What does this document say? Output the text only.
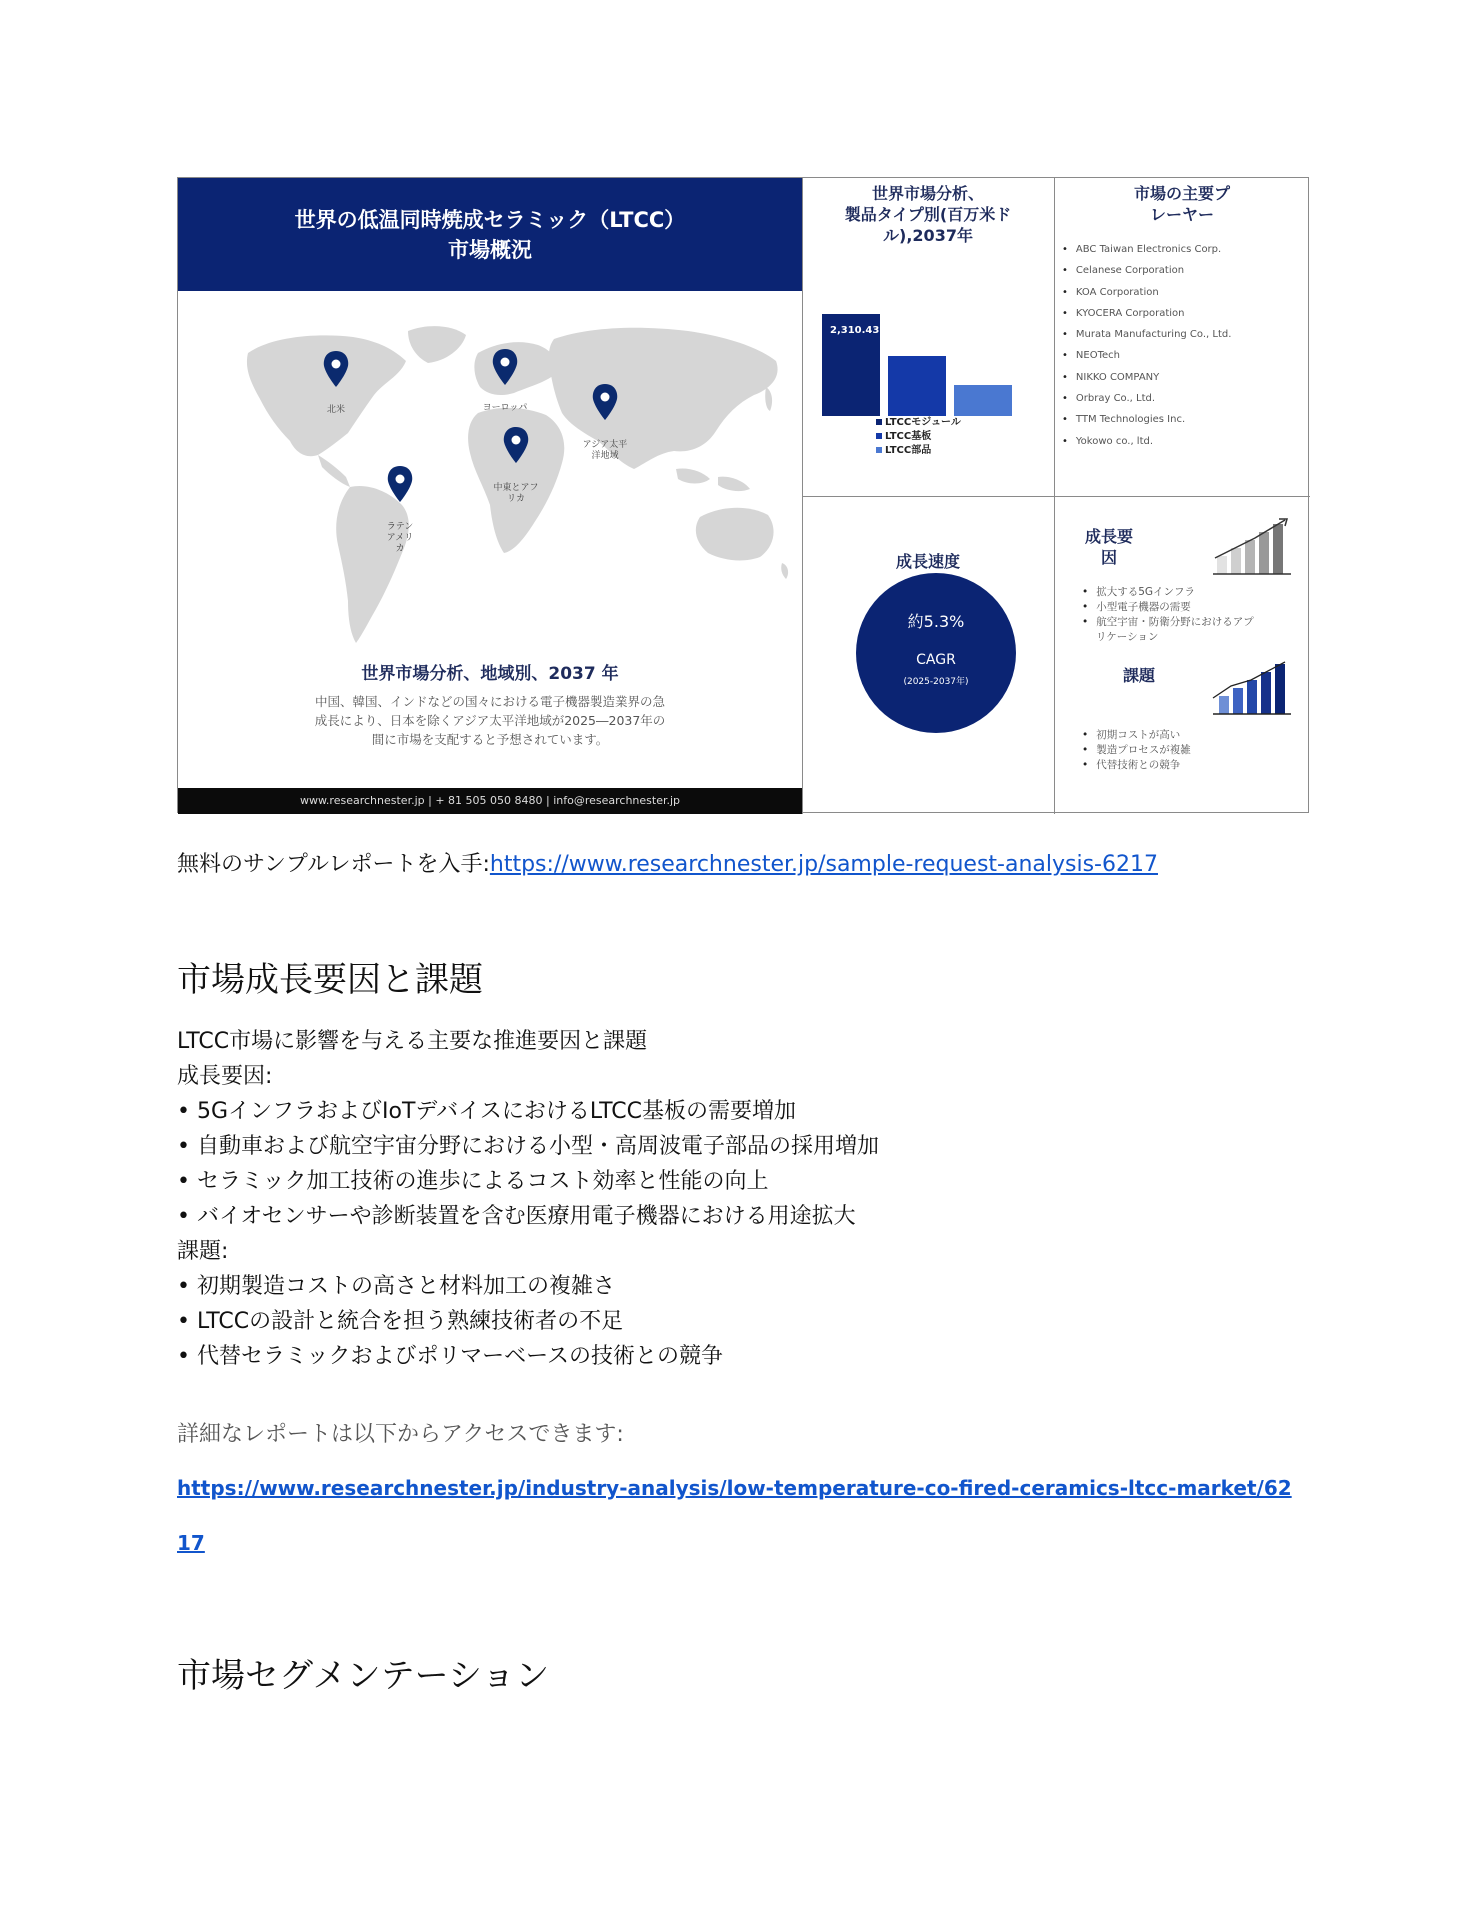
世界の低温同時焼成セラミック（LTCC）
市場概況
北米	ヨーロッパ
アジア太平
洋地域
中東とアフ
リカ
ラテン
アメリ
カ
世界市場分析、地域別、2037 年
中国、韓国、インドなどの国々における電子機器製造業界の急
成長により、日本を除くアジア太平洋地域が2025―2037年の
間に市場を支配すると予想されています。
www.researchnester.jp | + 81 505 050 8480 | info@researchnester.jp
世界市場分析、
製品タイプ別(百万米ド
ル),2037年
2,310.43
LTCCモジュール
LTCC基板
LTCC部品
市場の主要プ
レーヤー
• ABC Taiwan Electronics Corp.
• Celanese Corporation
• KOA Corporation
• KYOCERA Corporation
• Murata Manufacturing Co., Ltd.
• NEOTech
• NIKKO COMPANY
• Orbray Co., Ltd.
• TTM Technologies Inc.
• Yokowo co., ltd.
成長速度
約5.3%
CAGR
(2025-2037年)
成長要
因
• 拡大する5Gインフラ
• 小型電子機器の需要
• 航空宇宙・防衛分野におけるアプ
リケーション
課題
• 初期コストが高い
• 製造プロセスが複雑
• 代替技術との競争
無料のサンプルレポートを入手:https://www.researchnester.jp/sample-request-analysis-6217
市場成長要因と課題
LTCC市場に影響を与える主要な推進要因と課題
成長要因:
• 5GインフラおよびIoTデバイスにおけるLTCC基板の需要増加
• 自動車および航空宇宙分野における小型・高周波電子部品の採用増加
• セラミック加工技術の進歩によるコスト効率と性能の向上
• バイオセンサーや診断装置を含む医療用電子機器における用途拡大
課題:
• 初期製造コストの高さと材料加工の複雑さ
• LTCCの設計と統合を担う熟練技術者の不足
• 代替セラミックおよびポリマーベースの技術との競争
詳細なレポートは以下からアクセスできます:
https://www.researchnester.jp/industry-analysis/low-temperature-co-fired-ceramics-ltcc-market/62
17
市場セグメンテーション
